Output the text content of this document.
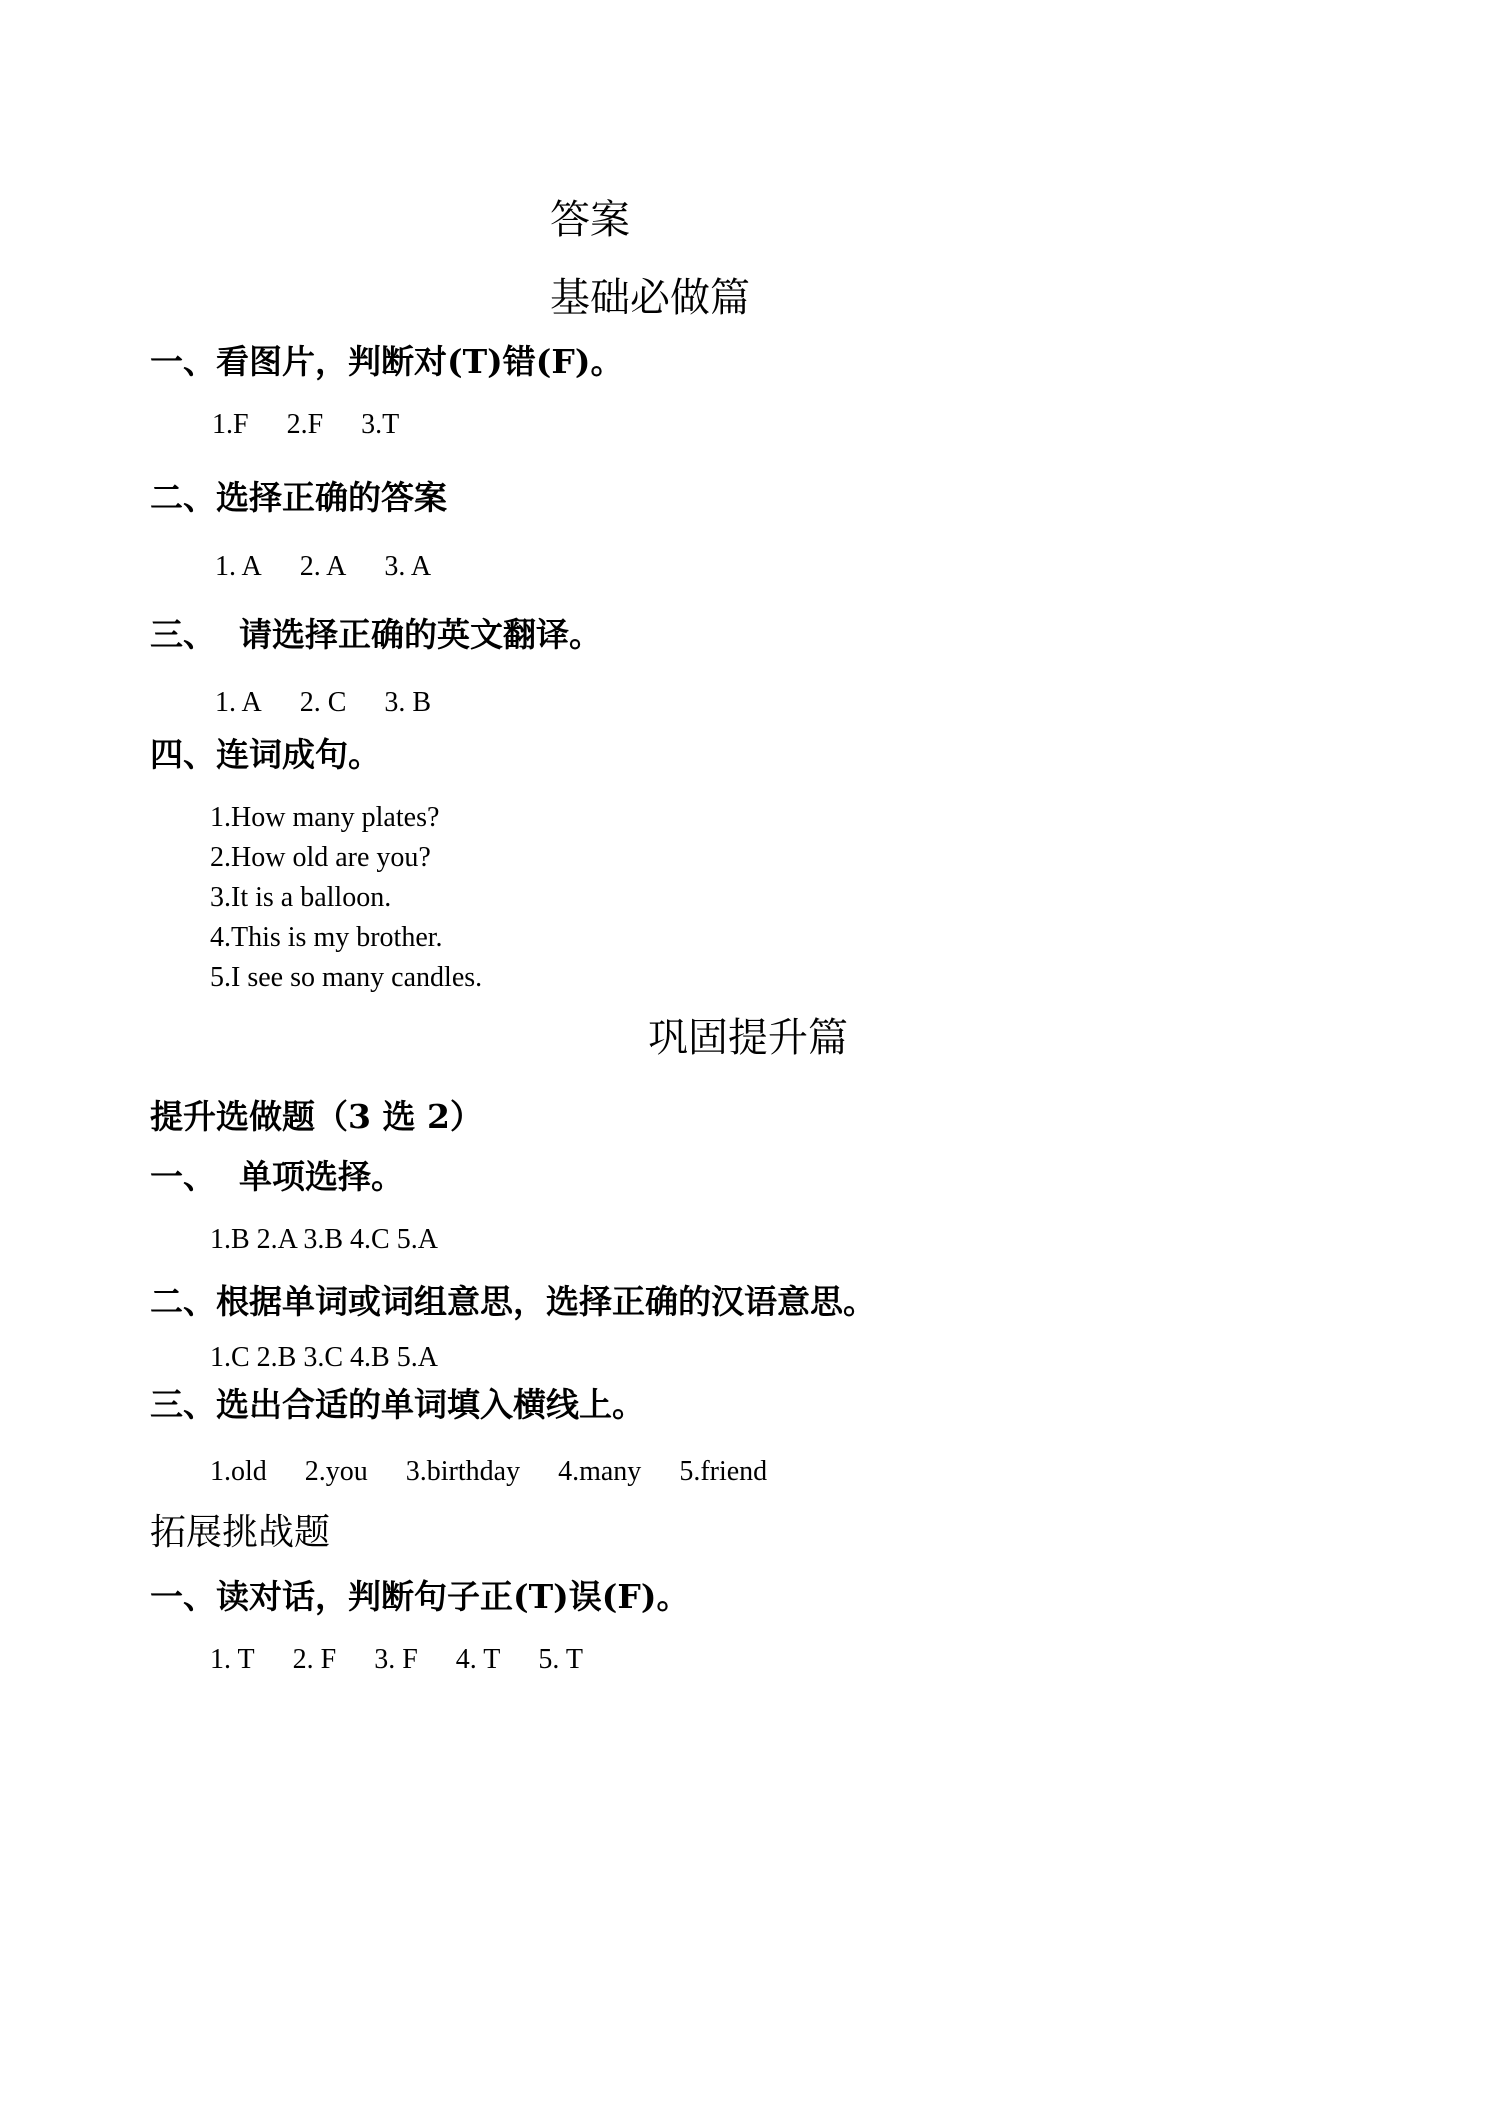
答案
基础必做篇
一、看图片，判断对(T)错(F)。
1.F 2.F 3.T
二、选择正确的答案
1. A 2. A 3. A
三、  请选择正确的英文翻译。
1. A 2. C 3. B
四、连词成句。
1.How many plates?
2.How old are you?
3.It is a balloon.
4.This is my brother.
5.I see so many candles.
巩固提升篇
提升选做题（3 选 2）
一、  单项选择。
1.B 2.A 3.B 4.C 5.A
二、根据单词或词组意思，选择正确的汉语意思。
1.C 2.B 3.C 4.B 5.A
三、选出合适的单词填入横线上。
1.old 2.you 3.birthday 4.many 5.friend
拓展挑战题
一、读对话，判断句子正(T)误(F)。
1. T 2. F 3. F 4. T 5. T
